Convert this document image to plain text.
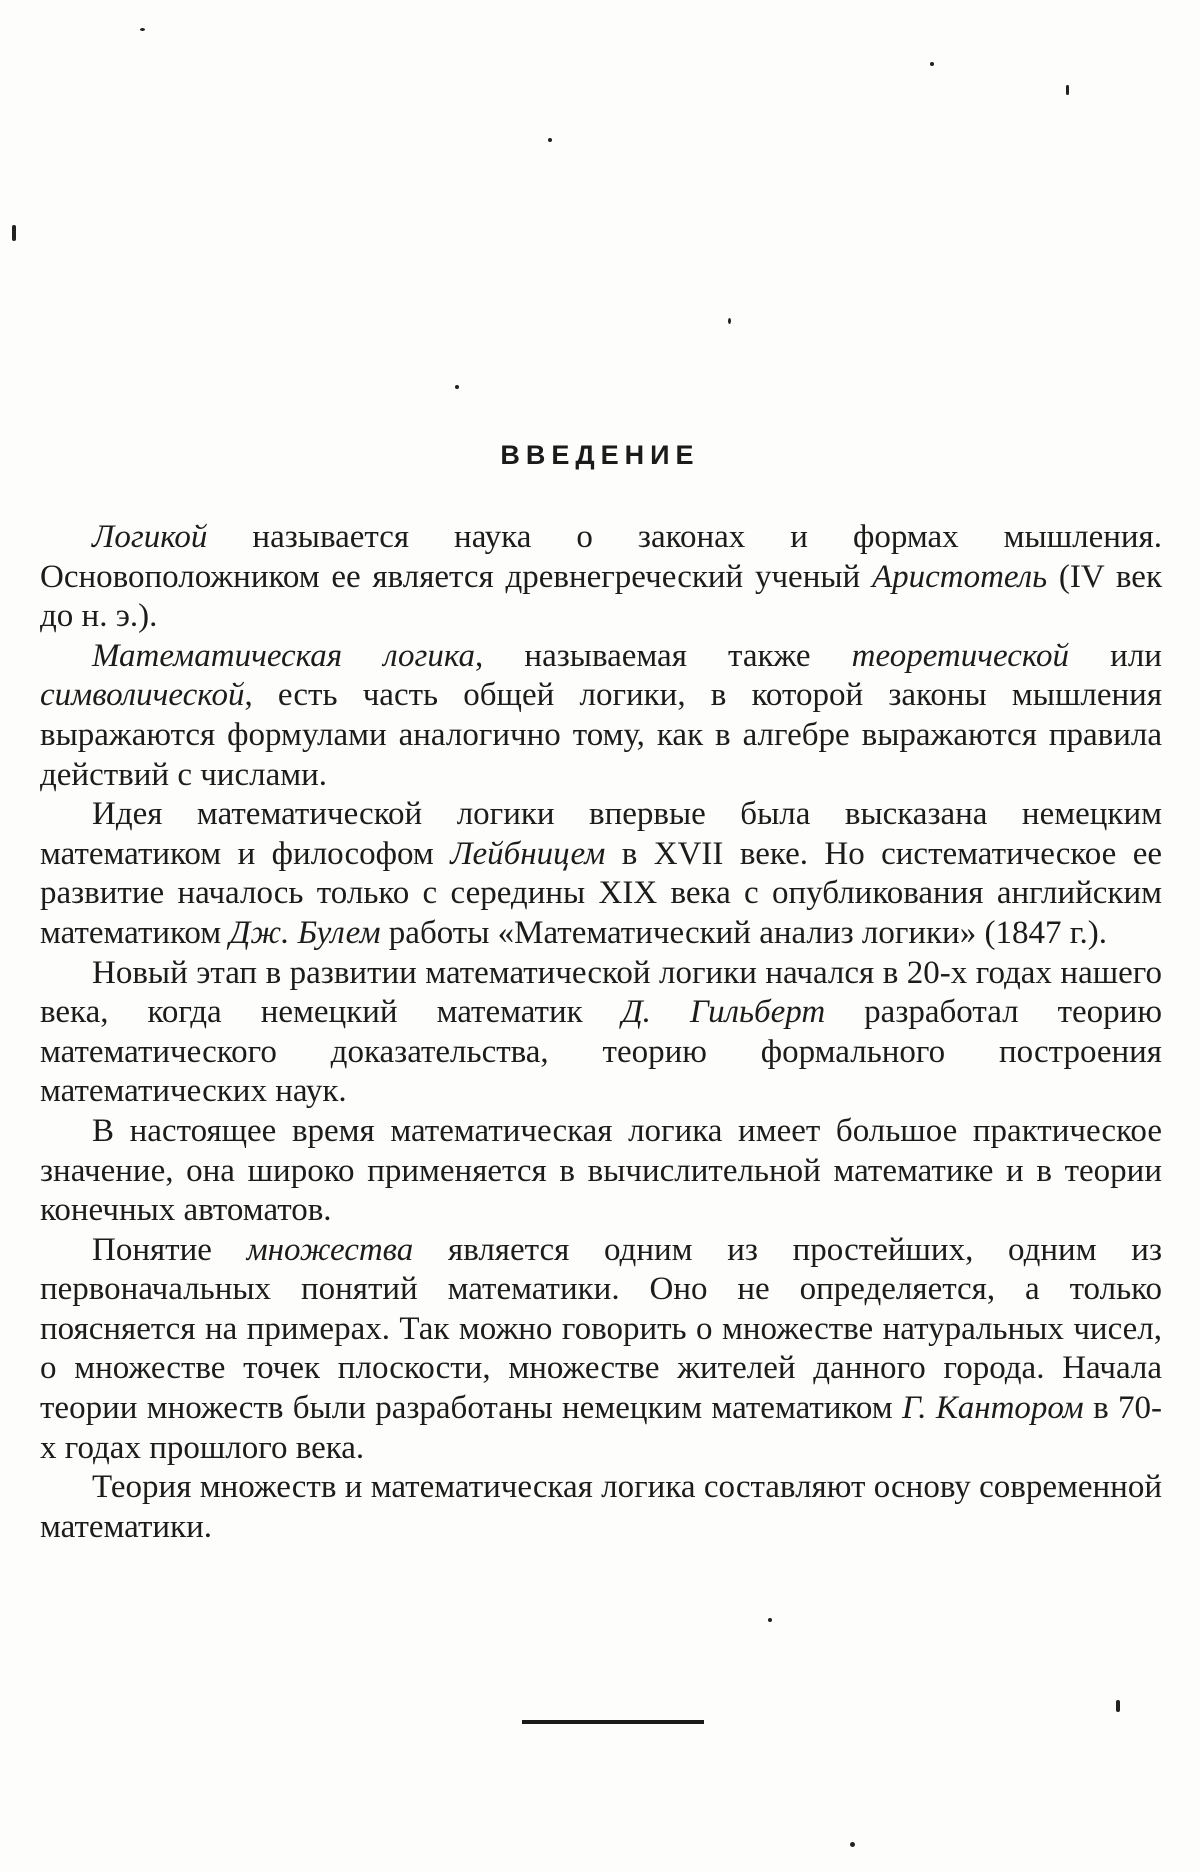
ВВЕДЕНИЕ

Логикой называется наука о законах и формах мышления. Основоположником ее является древнегреческий ученый Аристотель (IV век до н. э.).

Математическая логика, называемая также теоретической или символической, есть часть общей логики, в которой законы мышления выражаются формулами аналогично тому, как в алгебре выражаются правила действий с числами.

Идея математической логики впервые была высказана немецким математиком и философом Лейбницем в XVII веке. Но систематическое ее развитие началось только с середины XIX века с опубликования английским математиком Дж. Булем работы «Математический анализ логики» (1847 г.).

Новый этап в развитии математической логики начался в 20-х годах нашего века, когда немецкий математик Д. Гильберт разработал теорию математического доказательства, теорию формального построения математических наук.

В настоящее время математическая логика имеет большое практическое значение, она широко применяется в вычислительной математике и в теории конечных автоматов.

Понятие множества является одним из простейших, одним из первоначальных понятий математики. Оно не определяется, а только поясняется на примерах. Так можно говорить о множестве натуральных чисел, о множестве точек плоскости, множестве жителей данного города. Начала теории множеств были разработаны немецким математиком Г. Кантором в 70-х годах прошлого века.

Теория множеств и математическая логика составляют основу современной математики.
